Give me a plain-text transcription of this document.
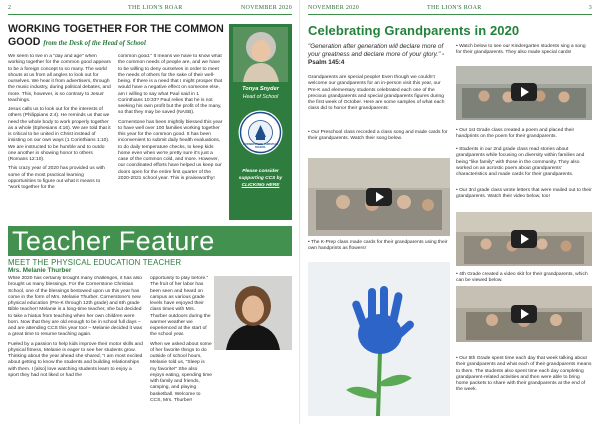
2	THE LION'S ROAR	NOVEMBER 2020
WORKING TOGETHER FOR THE COMMON
GOOD from the Desk of the Head of School

We seem to live in a "day and age" when working together for the common good appears to be a foreign concept to so many. The world shouts at us from all angles to look out for ourselves. We hear it from advertisers, through the music industry, during political debates, and more. This, however, is so contrary to Jesus' teachings.

Jesus calls us to look out for the interests of others (Philippians 2:4). He reminds us that we need the whole body to work properly together as a whole (Ephesians 4:16). We are told that it is critical to be united in Christ instead of insisting on our own ways (1 Corinthians 1:10). We are instructed to be humble and to outdo one another in showing honor to others (Romans 12:10).

This crazy year of 2020 has provided us with some of the most practical learning opportunities to figure out what it means to "work together for the

common good." It means we have to know what the common needs of people are, and we have to be willing to deny ourselves in order to meet the needs of others for the sake of their well-being. If there is a need that I might prosper that would have a negative effect on someone else, am I willing to say what Paul said in 1 Corinthians 10:33? Paul relies that he is not seeking his own profit but the profit of the many, so that they may be saved (NASB).

Cornerstone has been mightily blessed this year to have well over 100 families working together this year for the common good. It has been inconvenient to submit daily health evaluations, to do daily temperature checks, to keep kids home even when we're pretty sure it's just a case of the common cold, and more. However, our coordinated efforts have helped us keep our doors open for the entire first quarter of the 2020-2021 school year. This is praiseworthy!

Tonya Snyder
Head of School
CORNERSTONE CHRISTIAN SCHOOL
Please consider
supporting CCS by
CLICKING HERE
Teacher Feature
MEET THE PHYSICAL EDUCATION TEACHER
Mrs. Melanie Thurber

While 2020 has certainly brought many challenges, it has also brought us many blessings. For the Cornerstone Christian School, one of the blessings bestowed upon us this year has come in the form of Mrs. Melanie Thurber. Cornerstone's new physical education (Pre-K through 12th grade) and 6th grade Bible teacher! Melanie is a long-time teacher, she but decided to take a hiatus from teaching when her own children were born. Now that they are old enough to be in school full days – and are attending CCS this year too! – Melanie decided it was a great time to resume teaching again.

Fueled by a passion to help kids improve their motor skills and physical fitness, Melanie is eager to see her students grow. Thinking about the year ahead she shared, "I am most excited about getting to know the students and building relationships with them. I [also] love watching students learn to enjoy a sport they had not liked or had the

opportunity to play before." The fruit of her labor has been seen and heard on campus as various grade levels have enjoyed their class times with Mrs. Thurber outdoors during the warmer weather we experienced at the start of the school year.

When we asked about some of her favorite things to do outside of school hours, Melanie told us, "Sleep is my favorite!" She also enjoys eating, spending time with family and friends, camping, and playing basketball. Welcome to CCS, Mrs. Thurber!

NOVEMBER 2020	THE LION'S ROAR	3
Celebrating Grandparents in 2020
"Generation after generation will declare more of your greatness and declare more of your glory." -Psalm 145:4
Grandparents are special people! Even though we couldn't welcome our grandparents for an in-person visit this year, our Pre-K and elementary students celebrated each one of the precious grandparents and special grandparents figures during the first week of October. Here are some samples of what each class did to honor their grandparents:
• Our Preschool class recorded a class song and made cards for their grandparents. Watch their song below.
• The K-Prep class made cards for their grandparents using their own handprints as flowers!
• Watch below to see our Kindergarten students sing a song for their grandparents. They also made special cards!
• Our 1st Grade class created a poem and placed their handprints on the poem for their grandparents.
• Students in our 2nd grade class read stories about grandparents while focusing on diversity within families and being "like family" with those in the community. They also worked on an acrostic poem about grandparents' characteristics and made cards for their grandparents.
• Our 3rd grade class wrote letters that were mailed out to their grandparents. Watch their video below, too!
• 4th Grade created a video skit for their grandparents, which can be viewed below.
• Our 5th Grade spent time each day that week talking about their grandparents and what each of their grandparents means to them. The students also spent time each day completing grandparent-related activities and then were able to bring home packets to share with their grandparents at the end of the week.
